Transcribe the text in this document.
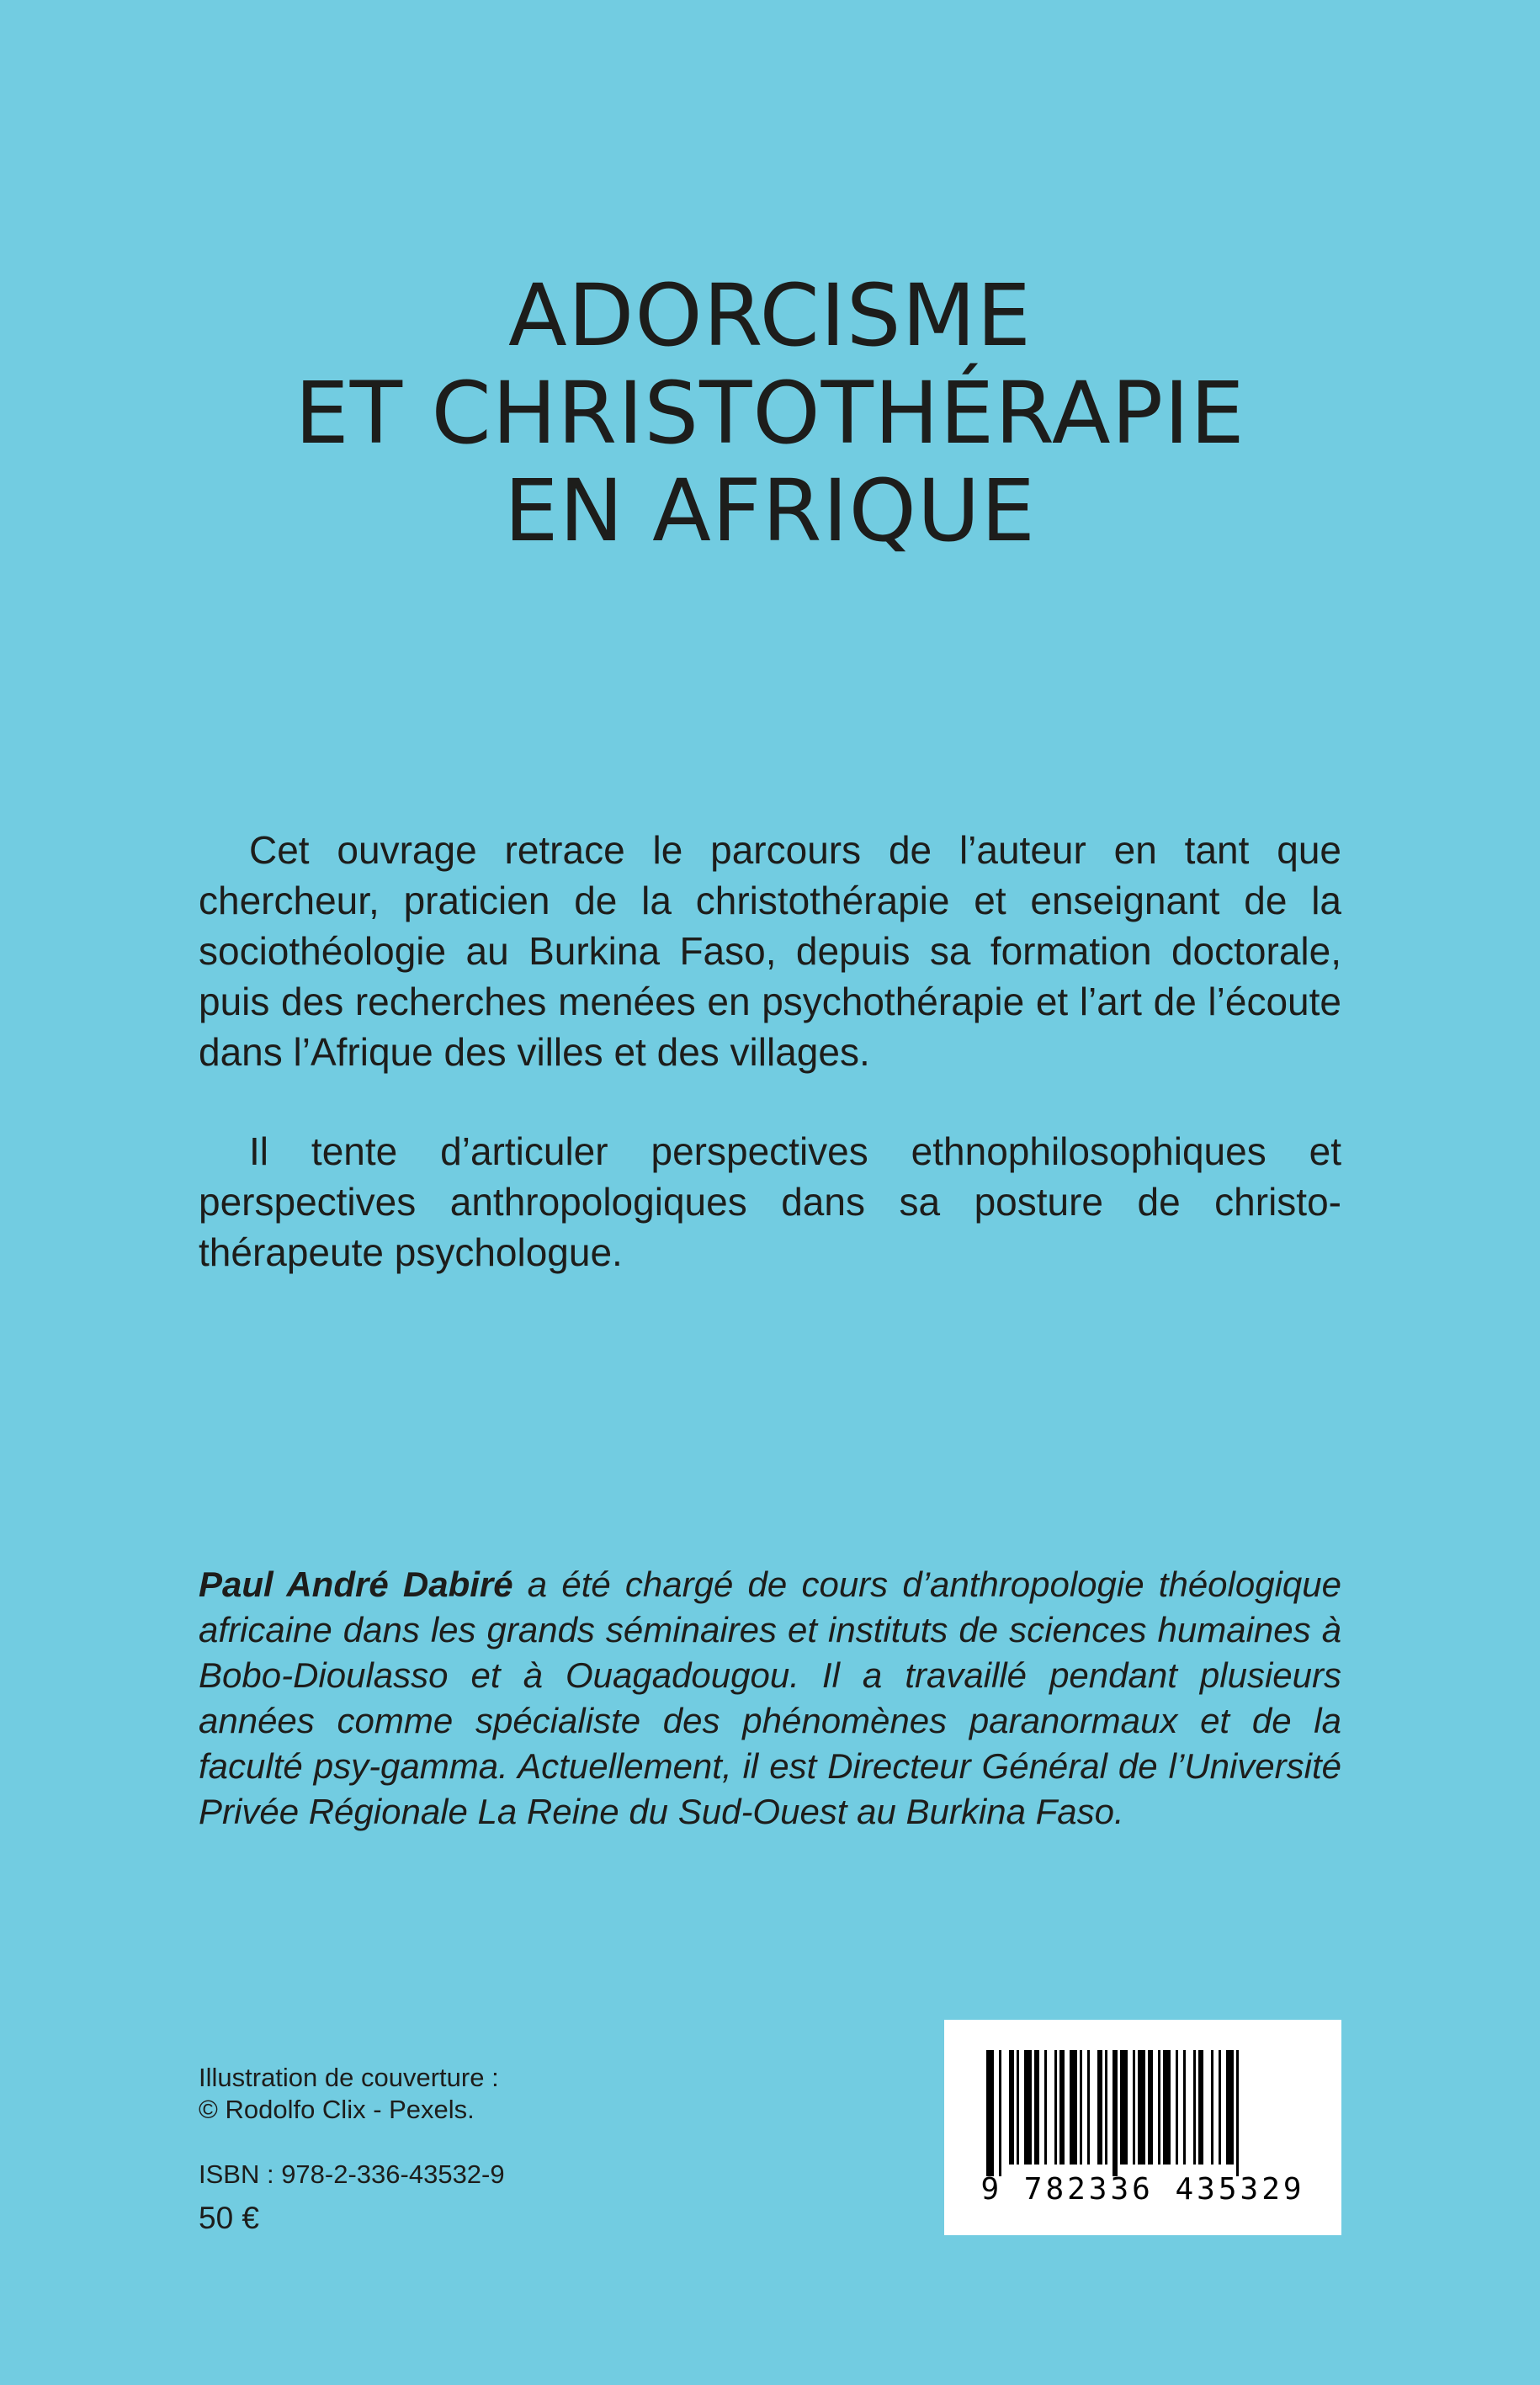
ADORCISME
ET CHRISTOTHÉRAPIE
EN AFRIQUE

Cet ouvrage retrace le parcours de l’auteur en tant que chercheur, praticien de la christothérapie et enseignant de la sociothéologie au Burkina Faso, depuis sa formation doctorale, puis des recherches menées en psychothérapie et l’art de l’écoute dans l’Afrique des villes et des villages.

Il tente d’articuler perspectives ethnophilosophiques et perspectives anthropologiques dans sa posture de christo-thérapeute psychologue.

Paul André Dabiré a été chargé de cours d’anthropologie théologique africaine dans les grands séminaires et instituts de sciences humaines à Bobo-Dioulasso et à Ouagadougou. Il a travaillé pendant plusieurs années comme spécialiste des phénomènes paranormaux et de la faculté psy-gamma. Actuellement, il est Directeur Général de l’Université Privée Régionale La Reine du Sud-Ouest au Burkina Faso.

Illustration de couverture :
© Rodolfo Clix - Pexels.
ISBN : 978-2-336-43532-9
50 €
9 782336 435329
